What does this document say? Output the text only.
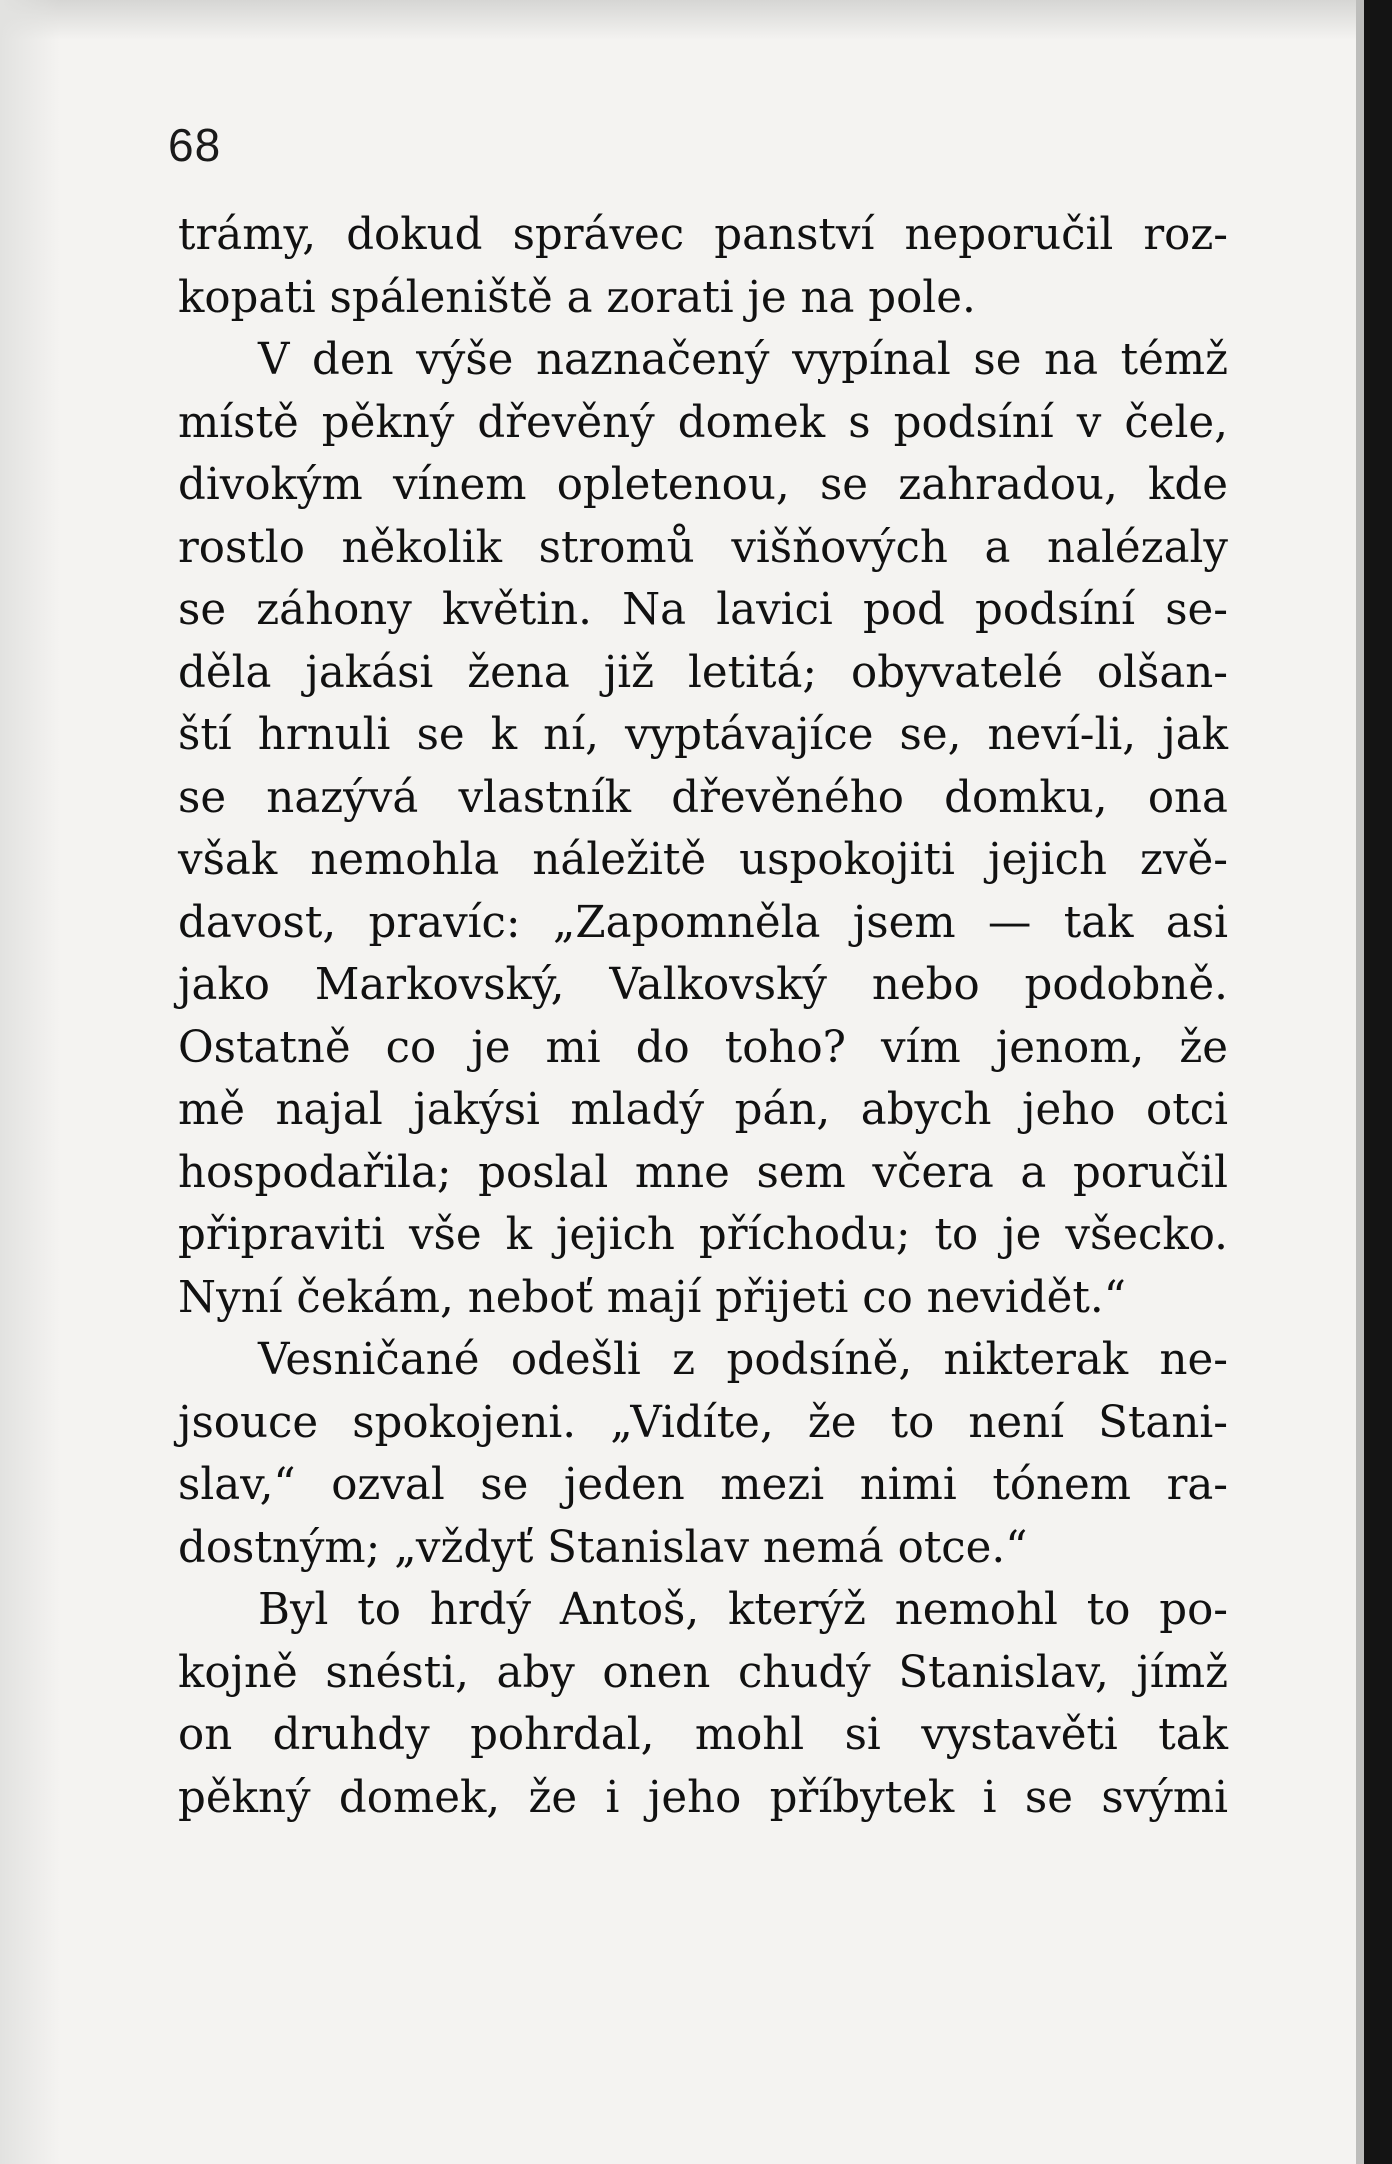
68
trámy, dokud správec panství neporučil roz-
kopati spáleniště a zorati je na pole.
V den výše naznačený vypínal se na témž
místě pěkný dřevěný domek s podsíní v čele,
divokým vínem opletenou, se zahradou, kde
rostlo několik stromů višňových a nalézaly
se záhony květin. Na lavici pod podsíní se-
děla jakási žena již letitá; obyvatelé olšan-
ští hrnuli se k ní, vyptávajíce se, neví-li, jak
se nazývá vlastník dřevěného domku, ona
však nemohla náležitě uspokojiti jejich zvě-
davost, pravíc: „Zapomněla jsem — tak asi
jako Markovský, Valkovský nebo podobně.
Ostatně co je mi do toho? vím jenom, že
mě najal jakýsi mladý pán, abych jeho otci
hospodařila; poslal mne sem včera a poručil
připraviti vše k jejich příchodu; to je všecko.
Nyní čekám, neboť mají přijeti co nevidět.“
Vesničané odešli z podsíně, nikterak ne-
jsouce spokojeni. „Vidíte, že to není Stani-
slav,“ ozval se jeden mezi nimi tónem ra-
dostným; „vždyť Stanislav nemá otce.“
Byl to hrdý Antoš, kterýž nemohl to po-
kojně snésti, aby onen chudý Stanislav, jímž
on druhdy pohrdal, mohl si vystavěti tak
pěkný domek, že i jeho příbytek i se svými
